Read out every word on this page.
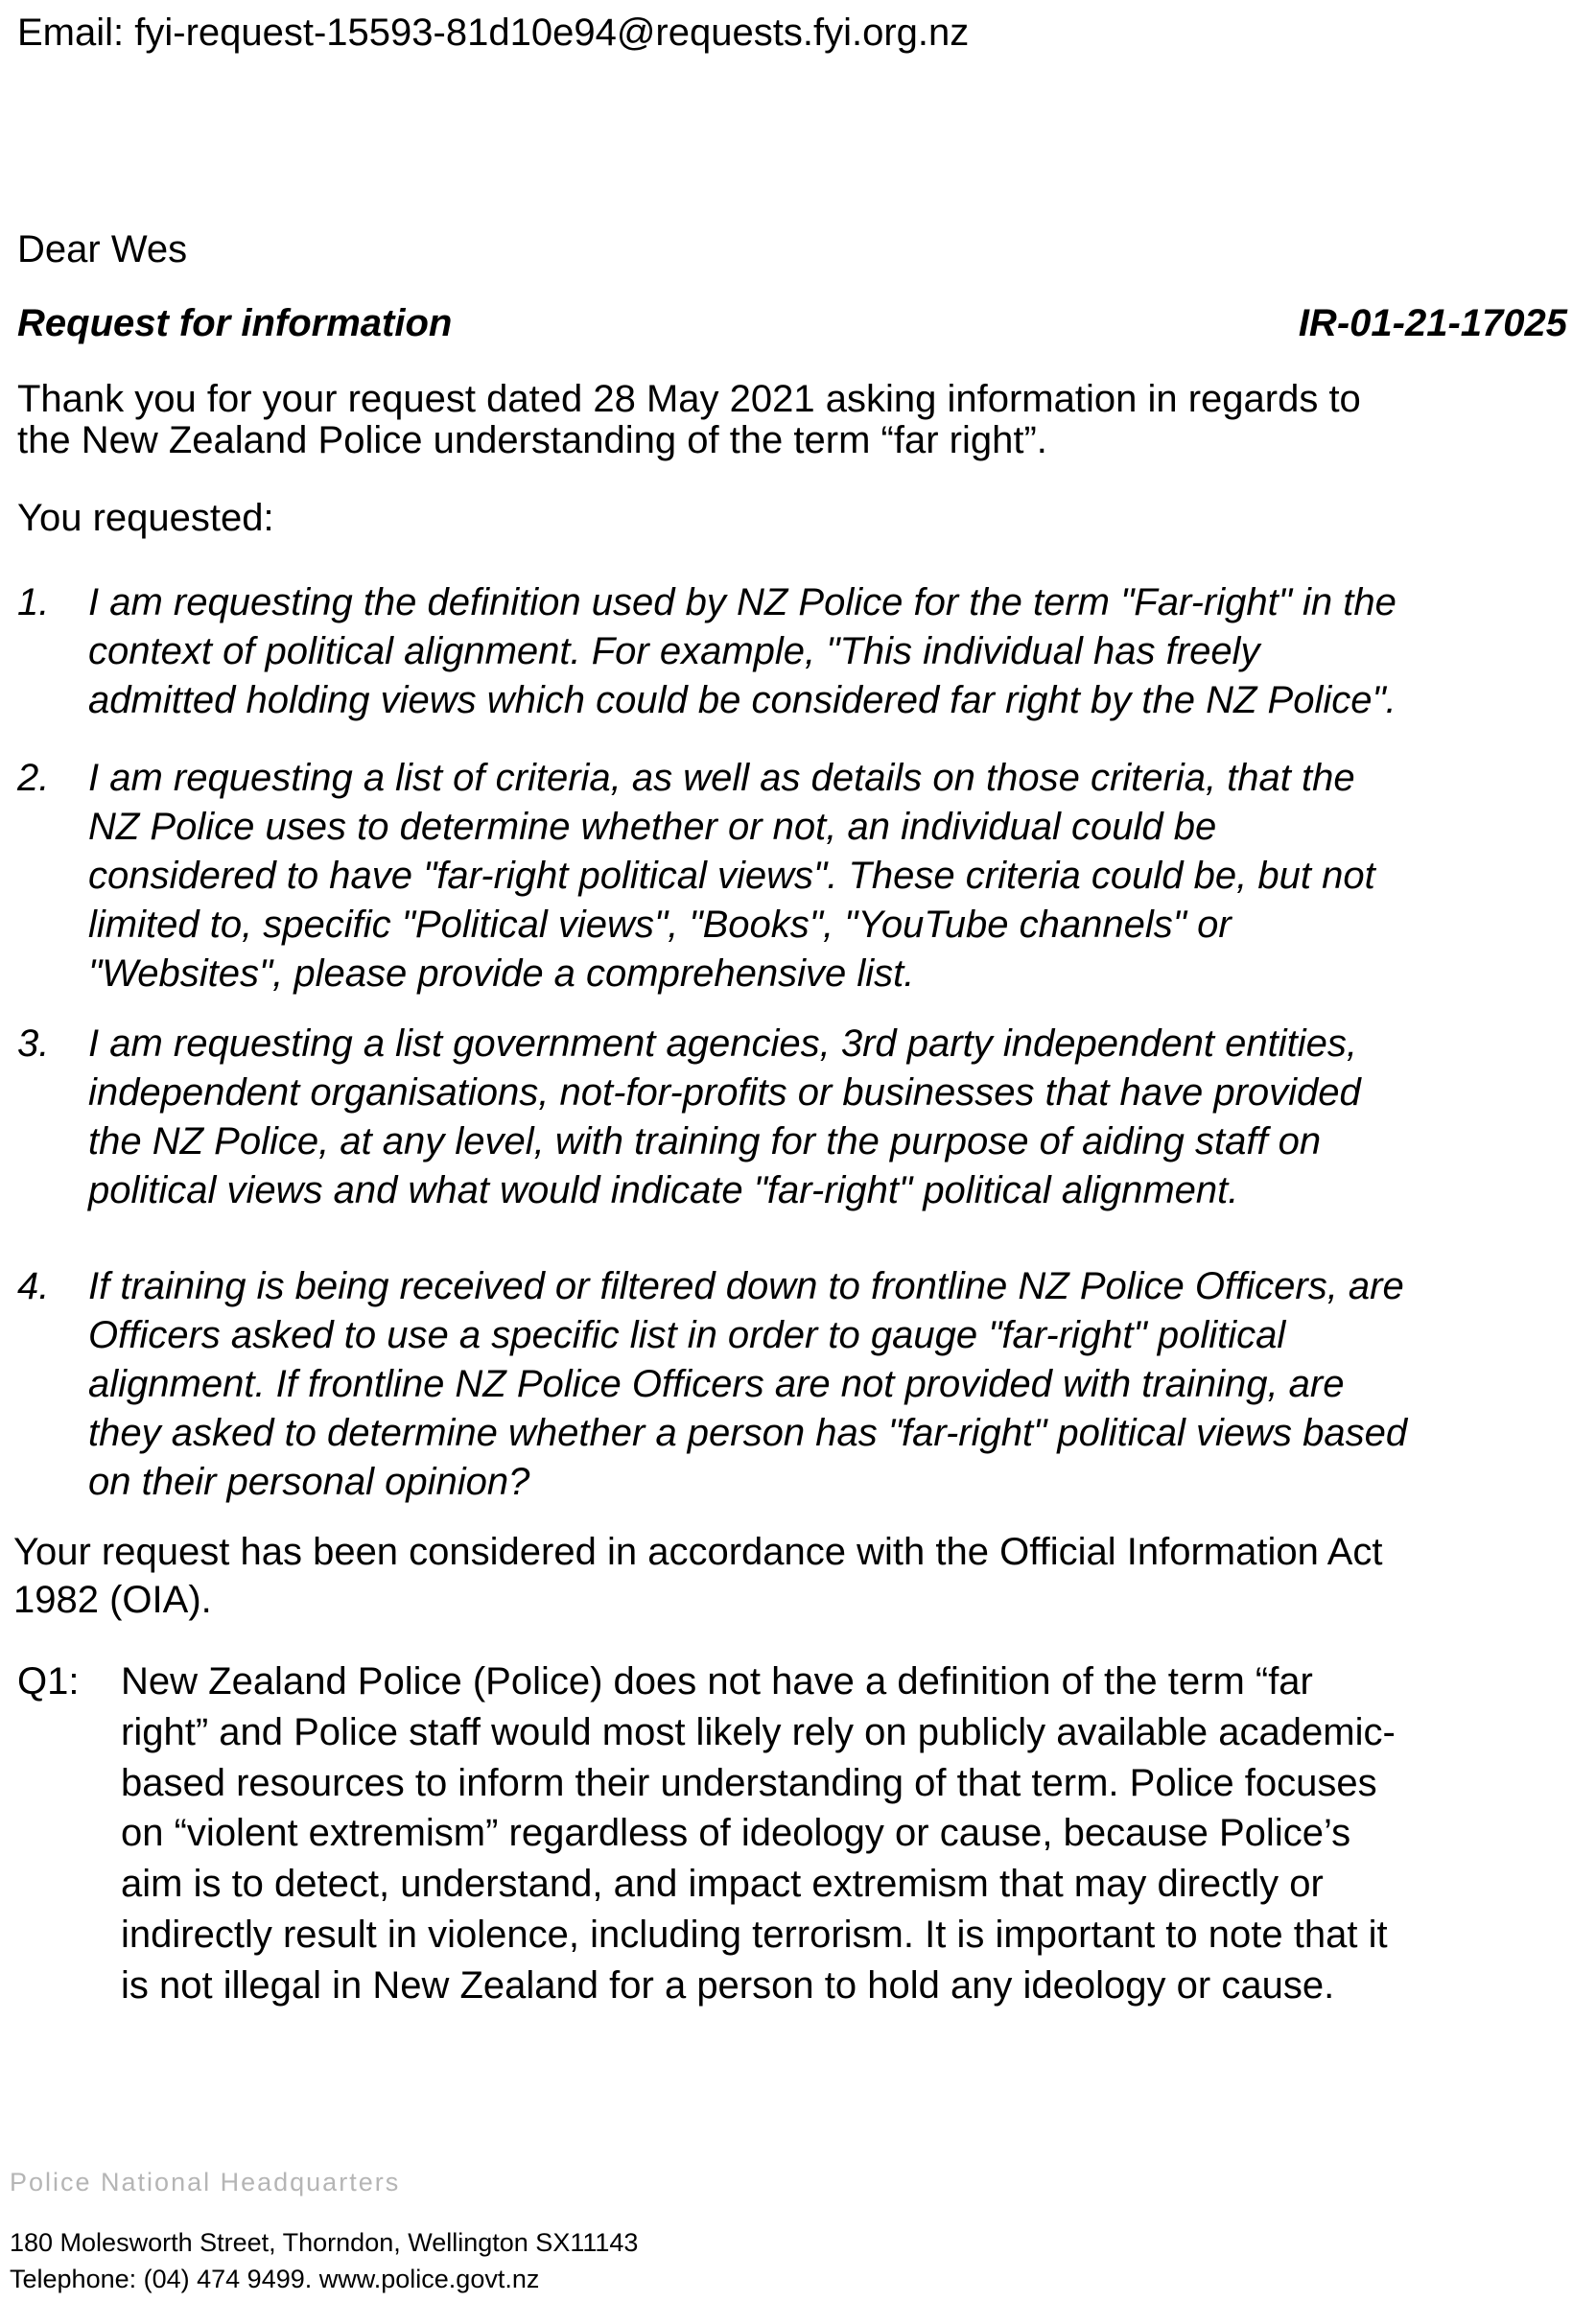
Email: fyi-request-15593-81d10e94@requests.fyi.org.nz
Dear Wes
Request for information	IR-01-21-17025
Thank you for your request dated 28 May 2021 asking information in regards to
the New Zealand Police understanding of the term “far right”.
You requested:
1. I am requesting the definition used by NZ Police for the term "Far-right" in the
context of political alignment. For example, "This individual has freely
admitted holding views which could be considered far right by the NZ Police".
2. I am requesting a list of criteria, as well as details on those criteria, that the
NZ Police uses to determine whether or not, an individual could be
considered to have "far-right political views". These criteria could be, but not
limited to, specific "Political views", "Books", "YouTube channels" or
"Websites", please provide a comprehensive list.
3. I am requesting a list government agencies, 3rd party independent entities,
independent organisations, not-for-profits or businesses that have provided
the NZ Police, at any level, with training for the purpose of aiding staff on
political views and what would indicate "far-right" political alignment.
4. If training is being received or filtered down to frontline NZ Police Officers, are
Officers asked to use a specific list in order to gauge "far-right" political
alignment. If frontline NZ Police Officers are not provided with training, are
they asked to determine whether a person has "far-right" political views based
on their personal opinion?
Your request has been considered in accordance with the Official Information Act
1982 (OIA).
Q1: New Zealand Police (Police) does not have a definition of the term “far
right” and Police staff would most likely rely on publicly available academic-
based resources to inform their understanding of that term. Police focuses
on “violent extremism” regardless of ideology or cause, because Police’s
aim is to detect, understand, and impact extremism that may directly or
indirectly result in violence, including terrorism. It is important to note that it
is not illegal in New Zealand for a person to hold any ideology or cause.
Police National Headquarters
180 Molesworth Street, Thorndon, Wellington SX11143
Telephone: (04) 474 9499. www.police.govt.nz
